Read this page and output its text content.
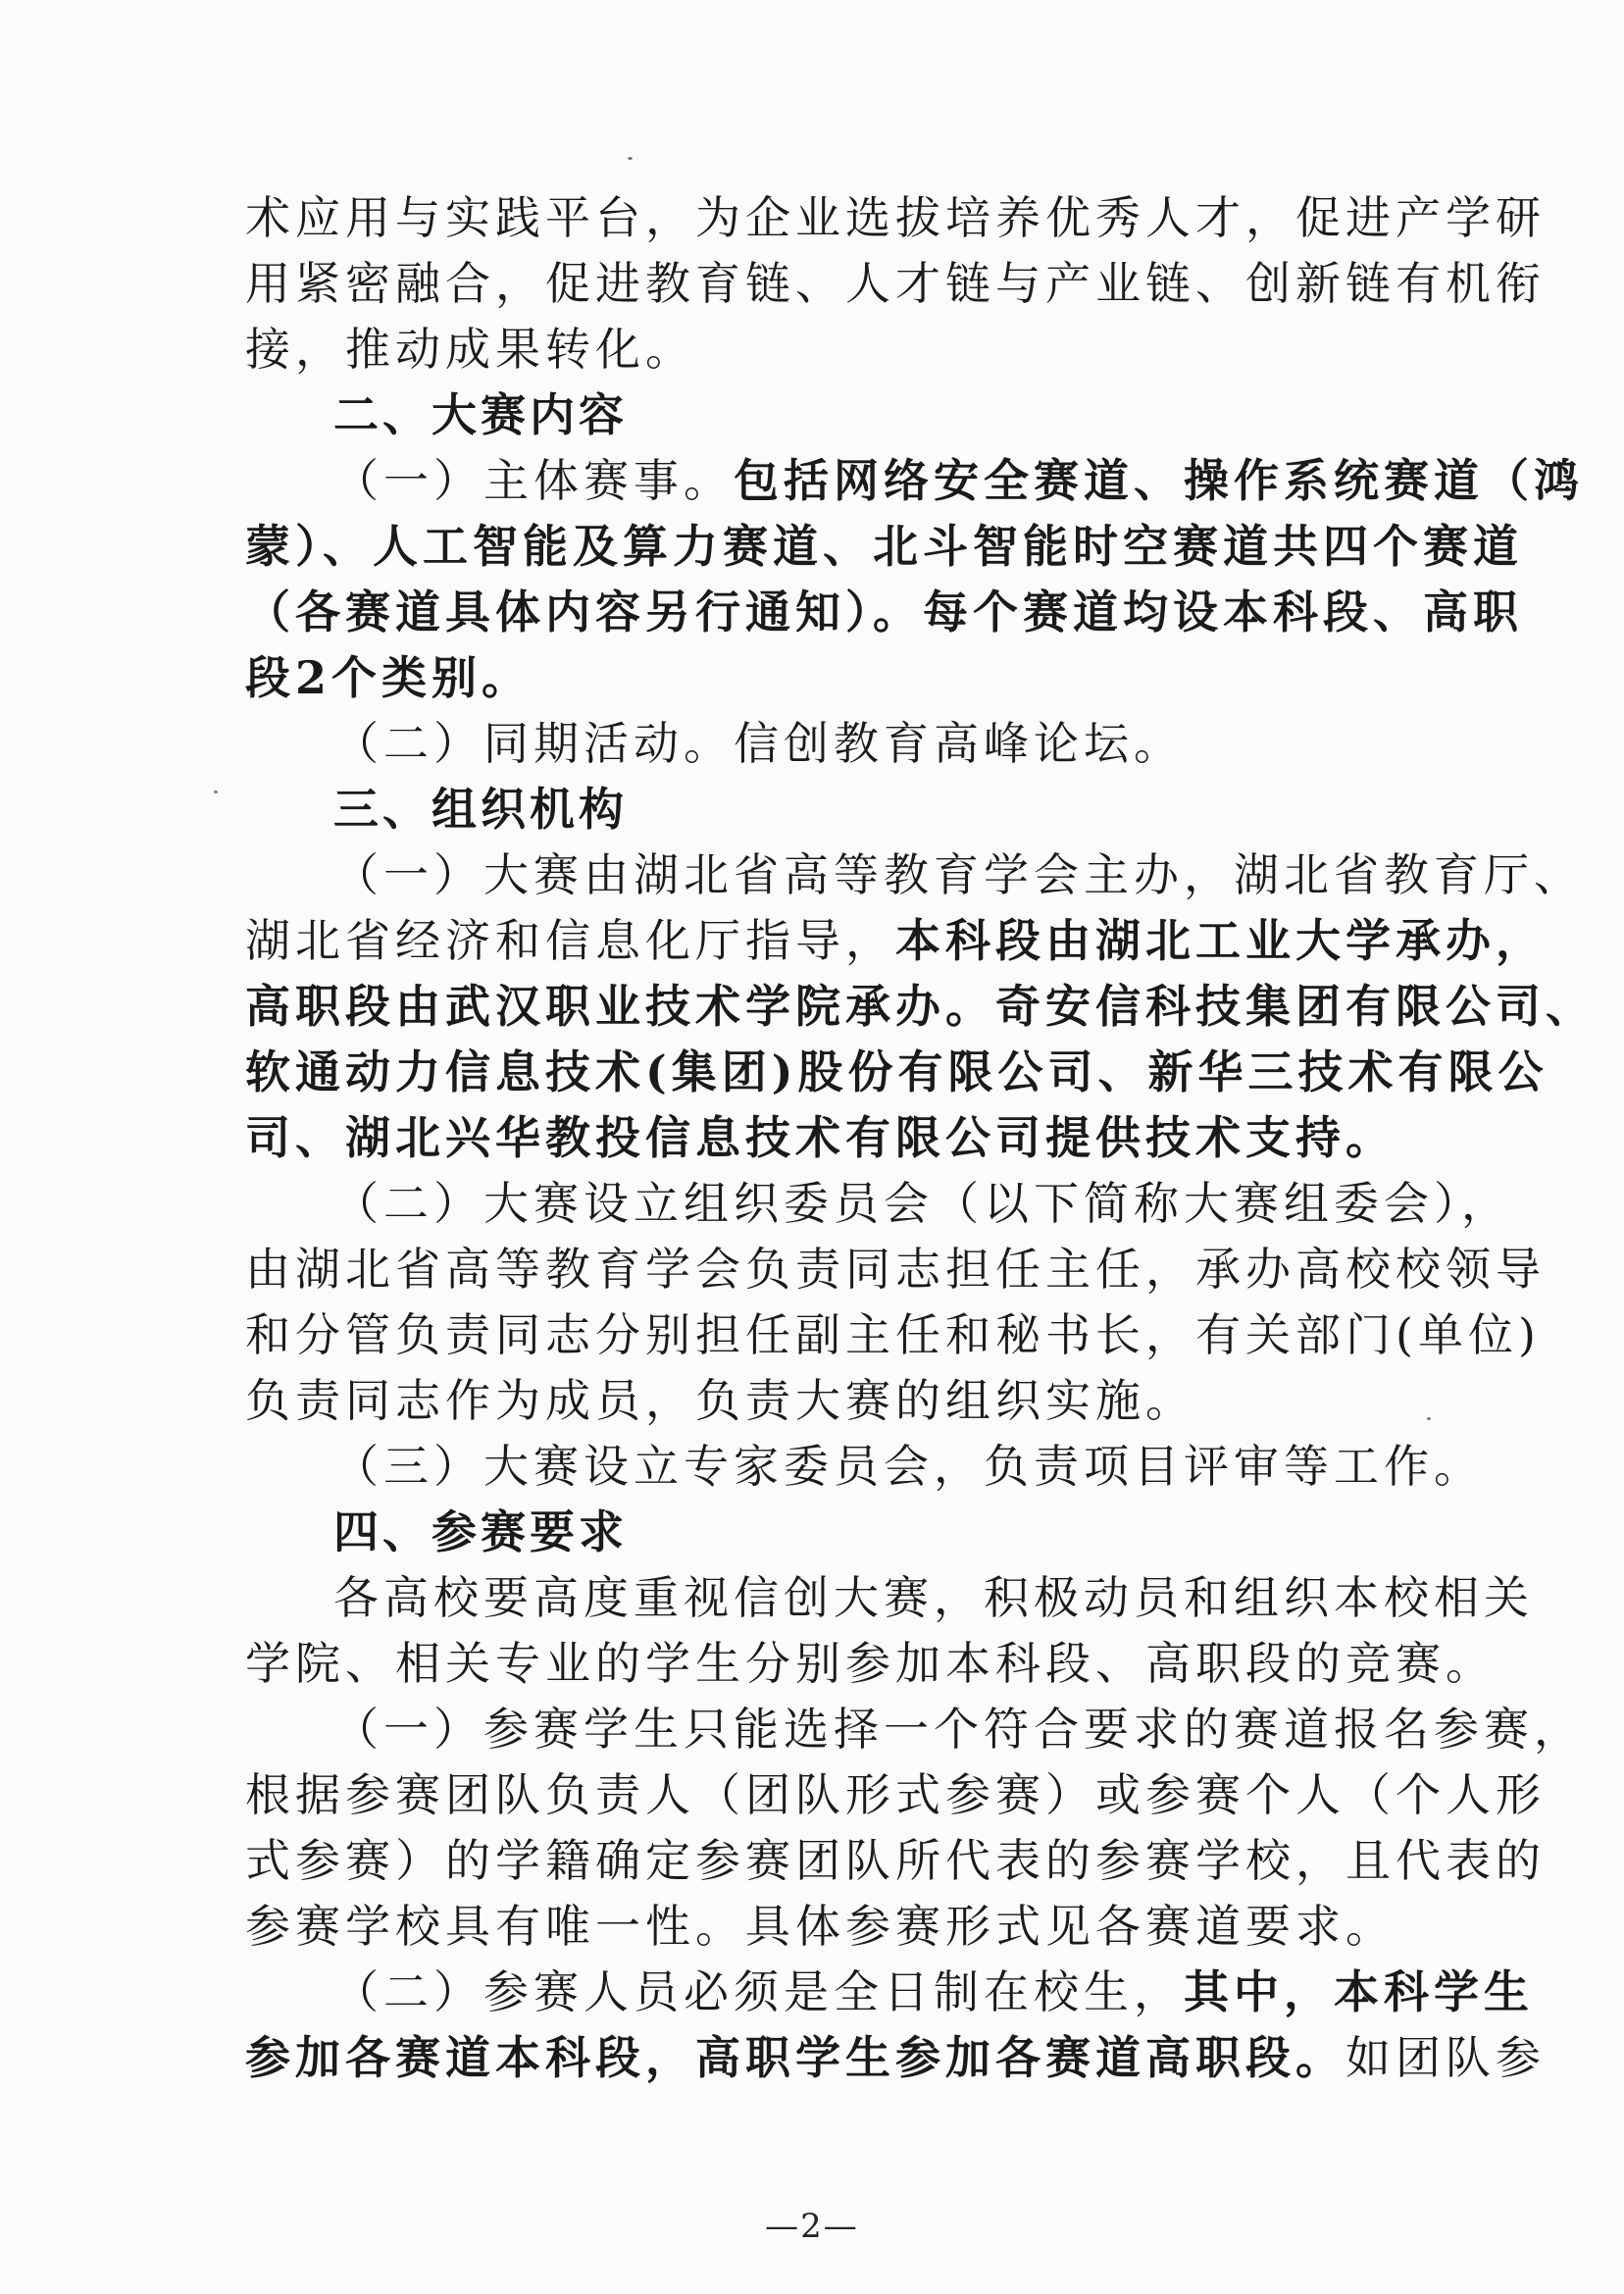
术应用与实践平台，为企业选拔培养优秀人才，促进产学研
用紧密融合，促进教育链、人才链与产业链、创新链有机衔
接，推动成果转化。
二、大赛内容
（一）主体赛事。包括网络安全赛道、操作系统赛道（鸿
蒙）、人工智能及算力赛道、北斗智能时空赛道共四个赛道
（各赛道具体内容另行通知）。每个赛道均设本科段、高职
段2个类别。
（二）同期活动。信创教育高峰论坛。
三、组织机构
（一）大赛由湖北省高等教育学会主办，湖北省教育厅、
湖北省经济和信息化厅指导，本科段由湖北工业大学承办，
高职段由武汉职业技术学院承办。奇安信科技集团有限公司、
软通动力信息技术(集团)股份有限公司、新华三技术有限公
司、湖北兴华教投信息技术有限公司提供技术支持。
（二）大赛设立组织委员会（以下简称大赛组委会），
由湖北省高等教育学会负责同志担任主任，承办高校校领导
和分管负责同志分别担任副主任和秘书长，有关部门(单位)
负责同志作为成员，负责大赛的组织实施。
（三）大赛设立专家委员会，负责项目评审等工作。
四、参赛要求
各高校要高度重视信创大赛，积极动员和组织本校相关
学院、相关专业的学生分别参加本科段、高职段的竞赛。
（一）参赛学生只能选择一个符合要求的赛道报名参赛，
根据参赛团队负责人（团队形式参赛）或参赛个人（个人形
式参赛）的学籍确定参赛团队所代表的参赛学校，且代表的
参赛学校具有唯一性。具体参赛形式见各赛道要求。
（二）参赛人员必须是全日制在校生，其中，本科学生
参加各赛道本科段，高职学生参加各赛道高职段。如团队参
—2—
